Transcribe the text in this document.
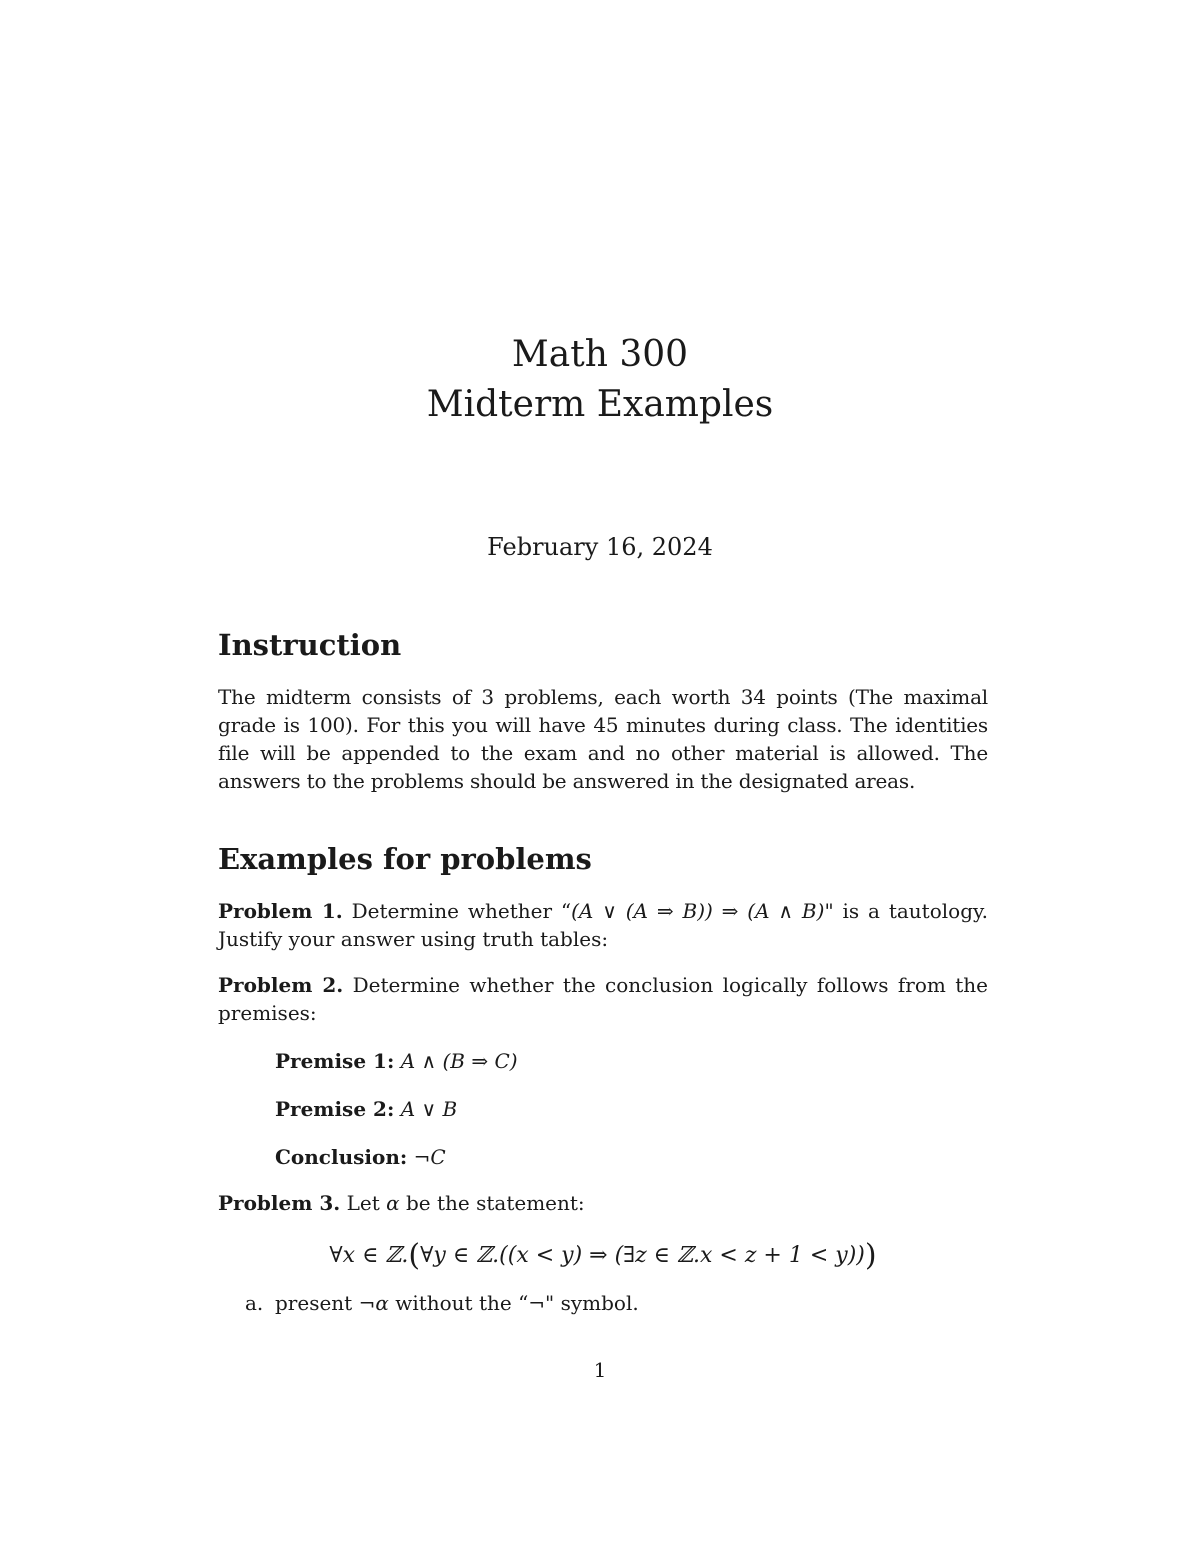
Math 300
Midterm Examples
February 16, 2024
Instruction

The midterm consists of 3 problems, each worth 34 points (The maximal grade is 100). For this you will have 45 minutes during class. The identities file will be appended to the exam and no other material is allowed. The answers to the problems should be answered in the designated areas.

Examples for problems

Problem 1. Determine whether “(A ∨ (A ⇒ B)) ⇒ (A ∧ B)" is a tautology. Justify your answer using truth tables:

Problem 2. Determine whether the conclusion logically follows from the premises:

Premise 1: A ∧ (B ⇒ C)
Premise 2: A ∨ B
Conclusion: ¬C

Problem 3. Let α be the statement:

∀x ∈ ℤ.(∀y ∈ ℤ.((x < y) ⇒ (∃z ∈ ℤ.x < z + 1 < y)))
a. present ¬α without the “¬" symbol.
1
